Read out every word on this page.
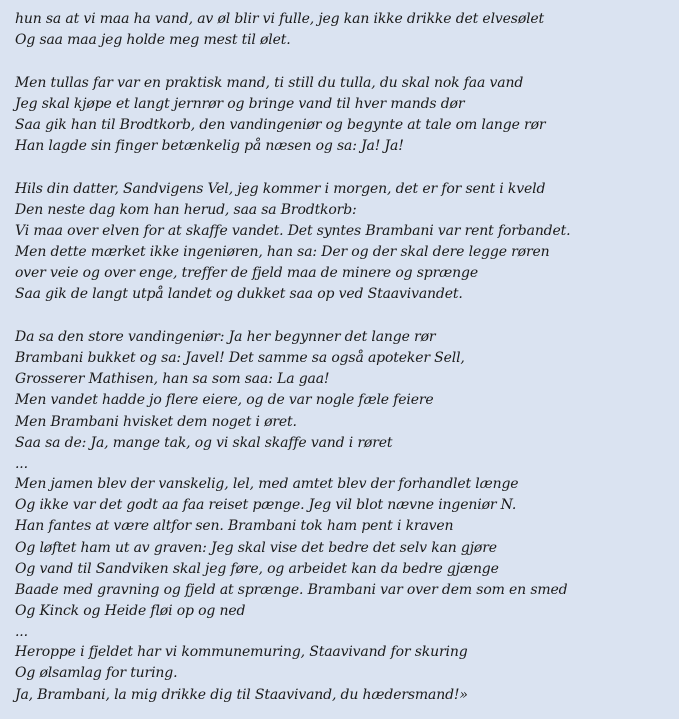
hun sa at vi maa ha vand, av øl blir vi fulle, jeg kan ikke drikke det elvesølet
Og saa maa jeg holde meg mest til ølet.
Men tullas far var en praktisk mand, ti still du tulla, du skal nok faa vand
Jeg skal kjøpe et langt jernrør og bringe vand til hver mands dør
Saa gik han til Brodtkorb, den vandingeniør og begynte at tale om lange rør
Han lagde sin finger betænkelig på næsen og sa: Ja! Ja!
Hils din datter, Sandvigens Vel, jeg kommer i morgen, det er for sent i kveld
Den neste dag kom han herud, saa sa Brodtkorb:
Vi maa over elven for at skaffe vandet. Det syntes Brambani var rent forbandet.
Men dette mærket ikke ingeniøren, han sa: Der og der skal dere legge røren
over veie og over enge, treffer de fjeld maa de minere og sprænge
Saa gik de langt utpå landet og dukket saa op ved Staavivandet.
Da sa den store vandingeniør: Ja her begynner det lange rør
Brambani bukket og sa: Javel! Det samme sa også apoteker Sell,
Grosserer Mathisen, han sa som saa: La gaa!
Men vandet hadde jo flere eiere, og de var nogle fæle feiere
Men Brambani hvisket dem noget i øret.
Saa sa de: Ja, mange tak, og vi skal skaffe vand i røret
...
Men jamen blev der vanskelig, lel, med amtet blev der forhandlet længe
Og ikke var det godt aa faa reiset pænge. Jeg vil blot nævne ingeniør N.
Han fantes at være altfor sen. Brambani tok ham pent i kraven
Og løftet ham ut av graven: Jeg skal vise det bedre det selv kan gjøre
Og vand til Sandviken skal jeg føre, og arbeidet kan da bedre gjænge
Baade med gravning og fjeld at sprænge. Brambani var over dem som en smed
Og Kinck og Heide fløi op og ned
...
Heroppe i fjeldet har vi kommunemuring, Staavivand for skuring
Og ølsamlag for turing.
Ja, Brambani, la mig drikke dig til Staavivand, du hædersmand!»
